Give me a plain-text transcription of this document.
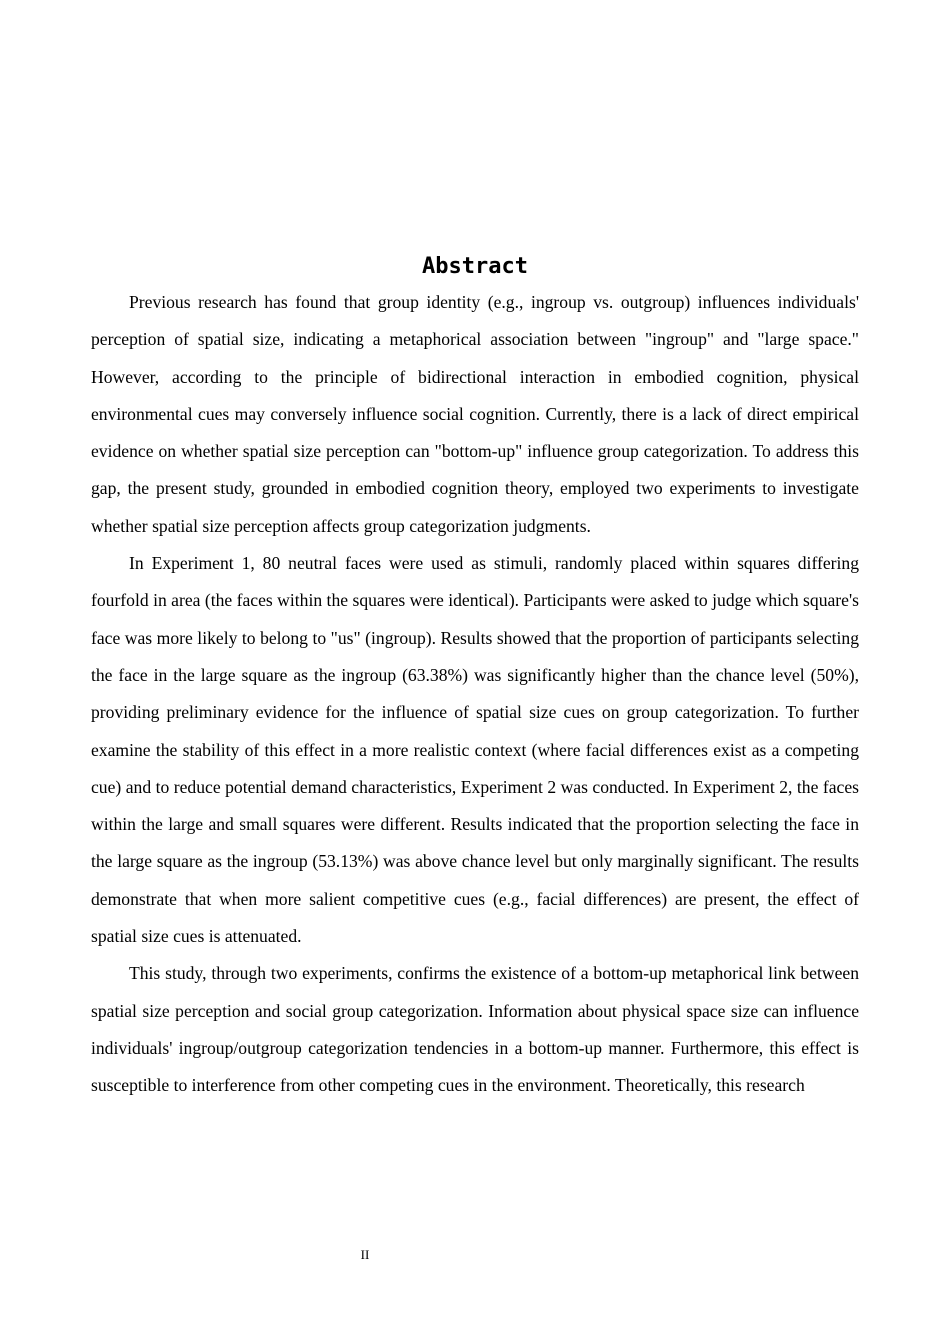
Abstract

Previous research has found that group identity (e.g., ingroup vs. outgroup) influences individuals' perception of spatial size, indicating a metaphorical association between "ingroup" and "large space." However, according to the principle of bidirectional interaction in embodied cognition, physical environmental cues may conversely influence social cognition. Currently, there is a lack of direct empirical evidence on whether spatial size perception can "bottom-up" influence group categorization. To address this gap, the present study, grounded in embodied cognition theory, employed two experiments to investigate whether spatial size perception affects group categorization judgments.

In Experiment 1, 80 neutral faces were used as stimuli, randomly placed within squares differing fourfold in area (the faces within the squares were identical). Participants were asked to judge which square's face was more likely to belong to "us" (ingroup). Results showed that the proportion of participants selecting the face in the large square as the ingroup (63.38%) was significantly higher than the chance level (50%), providing preliminary evidence for the influence of spatial size cues on group categorization. To further examine the stability of this effect in a more realistic context (where facial differences exist as a competing cue) and to reduce potential demand characteristics, Experiment 2 was conducted. In Experiment 2, the faces within the large and small squares were different. Results indicated that the proportion selecting the face in the large square as the ingroup (53.13%) was above chance level but only marginally significant. The results demonstrate that when more salient competitive cues (e.g., facial differences) are present, the effect of spatial size cues is attenuated.

This study, through two experiments, confirms the existence of a bottom-up metaphorical link between spatial size perception and social group categorization. Information about physical space size can influence individuals' ingroup/outgroup categorization tendencies in a bottom-up manner. Furthermore, this effect is susceptible to interference from other competing cues in the environment. Theoretically, this research

II
